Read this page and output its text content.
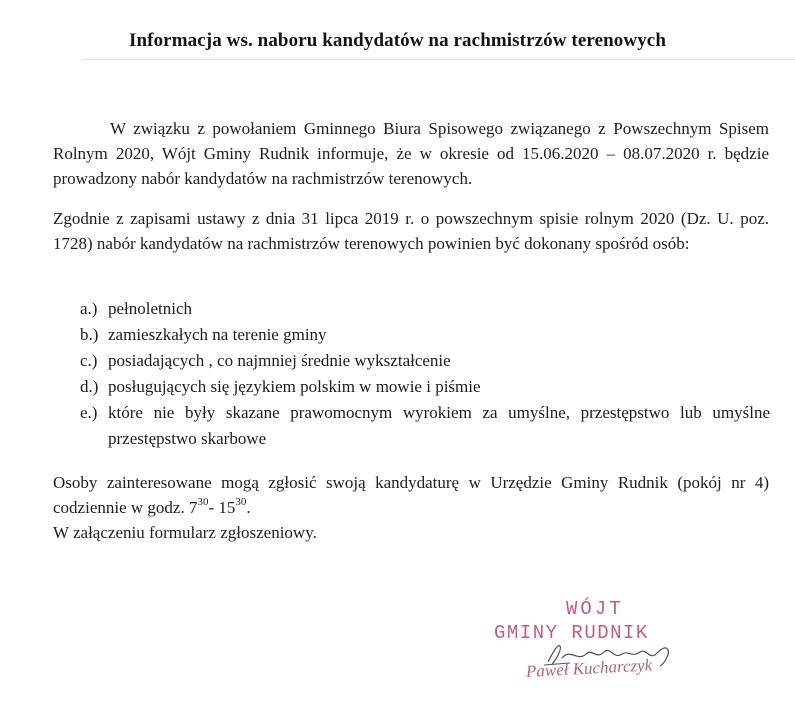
Informacja ws. naboru kandydatów na rachmistrzów terenowych
W związku z powołaniem Gminnego Biura Spisowego związanego z Powszechnym Spisem Rolnym 2020, Wójt Gminy Rudnik informuje, że w okresie od 15.06.2020 – 08.07.2020 r. będzie prowadzony nabór kandydatów na rachmistrzów terenowych.
Zgodnie z zapisami ustawy z dnia 31 lipca 2019 r. o powszechnym spisie rolnym 2020 (Dz. U. poz. 1728) nabór kandydatów na rachmistrzów terenowych powinien być dokonany spośród osób:
a.) pełnoletnich
b.) zamieszkałych na terenie gminy
c.) posiadających , co najmniej średnie wykształcenie
d.) posługujących się językiem polskim w mowie i piśmie
e.) które nie były skazane prawomocnym wyrokiem za umyślne, przestępstwo lub umyślne przestępstwo skarbowe
Osoby zainteresowane mogą zgłosić swoją kandydaturę w Urzędzie Gminy Rudnik (pokój nr 4) codziennie w godz. $7^{30}-$ $15^{30}$.
W załączeniu formularz zgłoszeniowy.
WÓJT
GMINY RUDNIK
Paweł Kucharczyk
